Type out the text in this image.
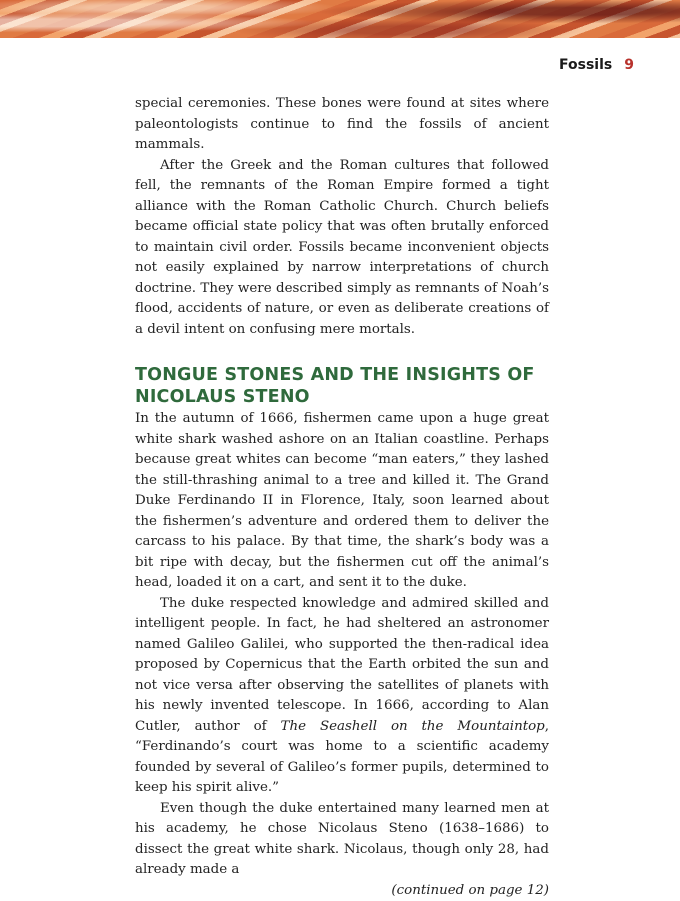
Fossils 9

special ceremonies. These bones were found at sites where paleontologists continue to find the fossils of ancient mammals.

After the Greek and the Roman cultures that followed fell, the remnants of the Roman Empire formed a tight alliance with the Roman Catholic Church. Church beliefs became official state policy that was often brutally enforced to maintain civil order. Fossils became inconvenient objects not easily explained by narrow interpretations of church doctrine. They were described simply as remnants of Noah’s flood, accidents of nature, or even as deliberate creations of a devil intent on confusing mere mortals.

TONGUE STONES AND THE INSIGHTS OF NICOLAUS STENO

In the autumn of 1666, fishermen came upon a huge great white shark washed ashore on an Italian coastline. Perhaps because great whites can become “man eaters,” they lashed the still-thrashing animal to a tree and killed it. The Grand Duke Ferdinando II in Florence, Italy, soon learned about the fishermen’s adventure and ordered them to deliver the carcass to his palace. By that time, the shark’s body was a bit ripe with decay, but the fishermen cut off the animal’s head, loaded it on a cart, and sent it to the duke.

The duke respected knowledge and admired skilled and intelligent people. In fact, he had sheltered an astronomer named Galileo Galilei, who supported the then-radical idea proposed by Copernicus that the Earth orbited the sun and not vice versa after observing the satellites of planets with his newly invented telescope. In 1666, according to Alan Cutler, author of The Seashell on the Mountaintop, “Ferdinando’s court was home to a scientific academy founded by several of Galileo’s former pupils, determined to keep his spirit alive.”

Even though the duke entertained many learned men at his academy, he chose Nicolaus Steno (1638–1686) to dissect the great white shark. Nicolaus, though only 28, had already made a

(continued on page 12)
